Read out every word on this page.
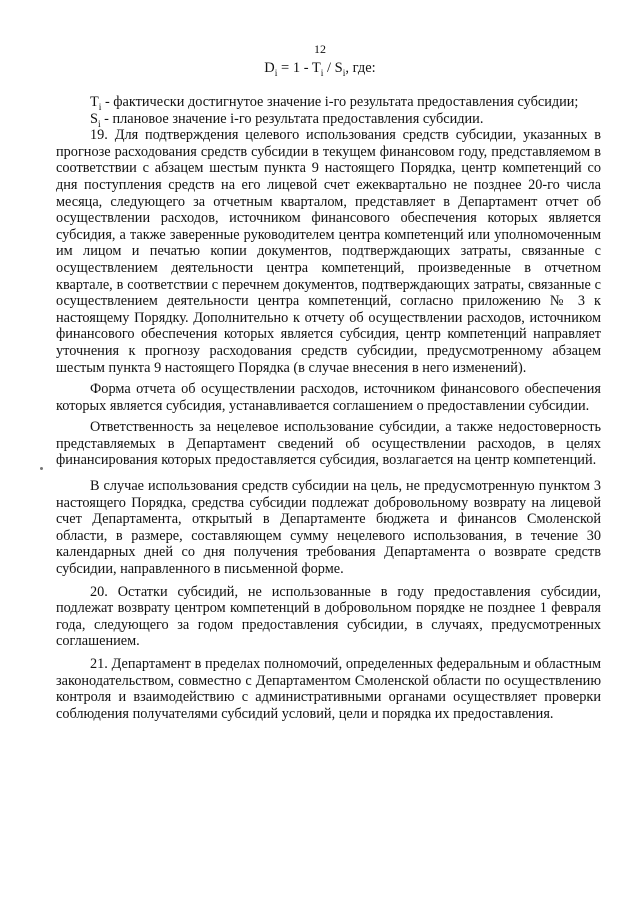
12
$D_i = 1 - T_i / S_i$, где:

$T_i$ - фактически достигнутое значение i-го результата предоставления субсидии;

$S_i$ - плановое значение i-го результата предоставления субсидии.

19. Для подтверждения целевого использования средств субсидии, указанных в прогнозе расходования средств субсидии в текущем финансовом году, представляемом в соответствии с абзацем шестым пункта 9 настоящего Порядка, центр компетенций со дня поступления средств на его лицевой счет ежеквартально не позднее 20-го числа месяца, следующего за отчетным кварталом, представляет в Департамент отчет об осуществлении расходов, источником финансового обеспечения которых является субсидия, а также заверенные руководителем центра компетенций или уполномоченным им лицом и печатью копии документов, подтверждающих затраты, связанные с осуществлением деятельности центра компетенций, произведенные в отчетном квартале, в соответствии с перечнем документов, подтверждающих затраты, связанные с осуществлением деятельности центра компетенций, согласно приложению № 3 к настоящему Порядку. Дополнительно к отчету об осуществлении расходов, источником финансового обеспечения которых является субсидия, центр компетенций направляет уточнения к прогнозу расходования средств субсидии, предусмотренному абзацем шестым пункта 9 настоящего Порядка (в случае внесения в него изменений).

Форма отчета об осуществлении расходов, источником финансового обеспечения которых является субсидия, устанавливается соглашением о предоставлении субсидии.

Ответственность за нецелевое использование субсидии, а также недостоверность представляемых в Департамент сведений об осуществлении расходов, в целях финансирования которых предоставляется субсидия, возлагается на центр компетенций.

В случае использования средств субсидии на цель, не предусмотренную пунктом 3 настоящего Порядка, средства субсидии подлежат добровольному возврату на лицевой счет Департамента, открытый в Департаменте бюджета и финансов Смоленской области, в размере, составляющем сумму нецелевого использования, в течение 30 календарных дней со дня получения требования Департамента о возврате средств субсидии, направленного в письменной форме.

20. Остатки субсидий, не использованные в году предоставления субсидии, подлежат возврату центром компетенций в добровольном порядке не позднее 1 февраля года, следующего за годом предоставления субсидии, в случаях, предусмотренных соглашением.

21. Департамент в пределах полномочий, определенных федеральным и областным законодательством, совместно с Департаментом Смоленской области по осуществлению контроля и взаимодействию с административными органами осуществляет проверки соблюдения получателями субсидий условий, цели и порядка их предоставления.
